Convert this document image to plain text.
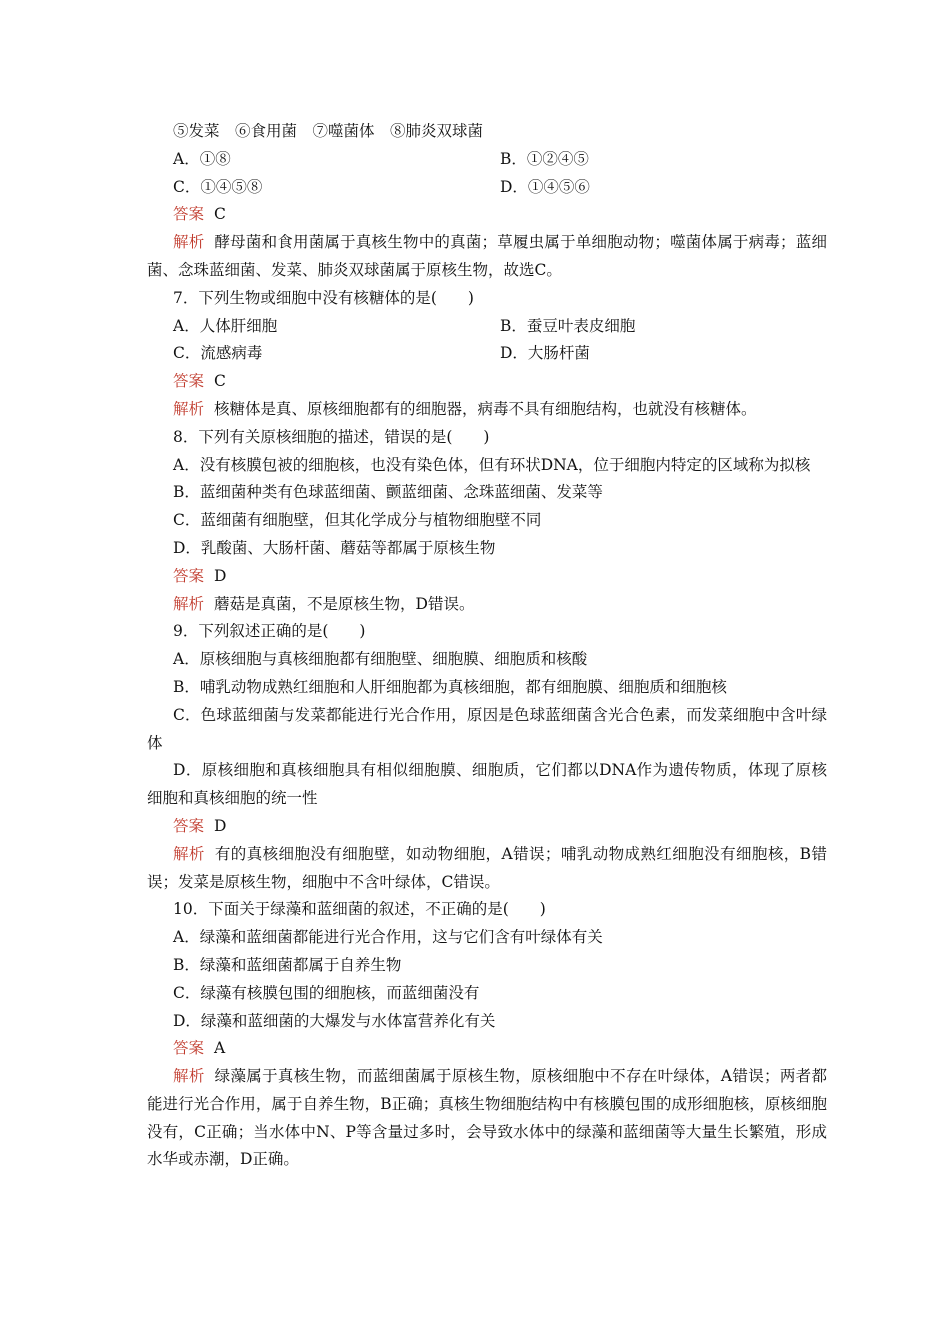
⑤发菜　⑥食用菌　⑦噬菌体　⑧肺炎双球菌
A．①⑧	B．①②④⑤
C．①④⑤⑧	D．①④⑤⑥
答案 C
解析 酵母菌和食用菌属于真核生物中的真菌；草履虫属于单细胞动物；噬菌体属于病毒；蓝细菌、念珠蓝细菌、发菜、肺炎双球菌属于原核生物，故选C。
7．下列生物或细胞中没有核糖体的是(　　)
A．人体肝细胞	B．蚕豆叶表皮细胞
C．流感病毒	D．大肠杆菌
答案 C
解析 核糖体是真、原核细胞都有的细胞器，病毒不具有细胞结构，也就没有核糖体。
8．下列有关原核细胞的描述，错误的是(　　)
A．没有核膜包被的细胞核，也没有染色体，但有环状DNA，位于细胞内特定的区域称为拟核
B．蓝细菌种类有色球蓝细菌、颤蓝细菌、念珠蓝细菌、发菜等
C．蓝细菌有细胞壁，但其化学成分与植物细胞壁不同
D．乳酸菌、大肠杆菌、蘑菇等都属于原核生物
答案 D
解析 蘑菇是真菌，不是原核生物，D错误。
9．下列叙述正确的是(　　)
A．原核细胞与真核细胞都有细胞壁、细胞膜、细胞质和核酸
B．哺乳动物成熟红细胞和人肝细胞都为真核细胞，都有细胞膜、细胞质和细胞核
C．色球蓝细菌与发菜都能进行光合作用，原因是色球蓝细菌含光合色素，而发菜细胞中含叶绿体
D．原核细胞和真核细胞具有相似细胞膜、细胞质，它们都以DNA作为遗传物质，体现了原核细胞和真核细胞的统一性
答案 D
解析 有的真核细胞没有细胞壁，如动物细胞，A错误；哺乳动物成熟红细胞没有细胞核，B错误；发菜是原核生物，细胞中不含叶绿体，C错误。
10．下面关于绿藻和蓝细菌的叙述，不正确的是(　　)
A．绿藻和蓝细菌都能进行光合作用，这与它们含有叶绿体有关
B．绿藻和蓝细菌都属于自养生物
C．绿藻有核膜包围的细胞核，而蓝细菌没有
D．绿藻和蓝细菌的大爆发与水体富营养化有关
答案 A
解析 绿藻属于真核生物，而蓝细菌属于原核生物，原核细胞中不存在叶绿体，A错误；两者都能进行光合作用，属于自养生物，B正确；真核生物细胞结构中有核膜包围的成形细胞核，原核细胞没有，C正确；当水体中N、P等含量过多时，会导致水体中的绿藻和蓝细菌等大量生长繁殖，形成水华或赤潮，D正确。
